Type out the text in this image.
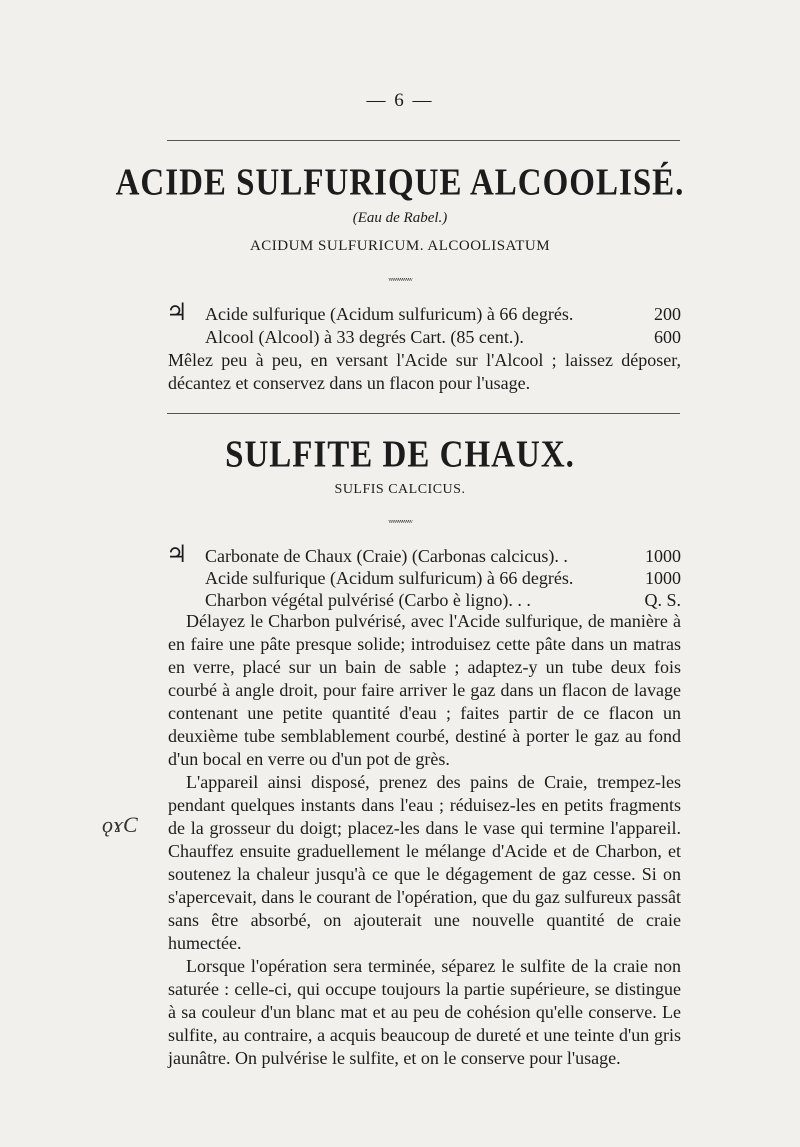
— 6 —
ACIDE SULFURIQUE ALCOOLISÉ.
(Eau de Rabel.)
ACIDUM SULFURICUM. ALCOOLISATUM
ᵥᵥᵥᵥᵥᵥᵥᵥᵥᵥᵥᵥ
♃ Acide sulfurique (Acidum sulfuricum) à 66 degrés.	200
Alcool (Alcool) à 33 degrés Cart. (85 cent.).	600

Mêlez peu à peu, en versant l'Acide sur l'Alcool ; laissez déposer, décantez et conservez dans un flacon pour l'usage.

SULFITE DE CHAUX.
SULFIS CALCICUS.
ᵥᵥᵥᵥᵥᵥᵥᵥᵥᵥᵥᵥ
♃ Carbonate de Chaux (Craie) (Carbonas calcicus). .	1000
Acide sulfurique (Acidum sulfuricum) à 66 degrés.	1000
Charbon végétal pulvérisé (Carbo è ligno). . .	Q. S.

Délayez le Charbon pulvérisé, avec l'Acide sulfurique, de manière à en faire une pâte presque solide; introduisez cette pâte dans un matras en verre, placé sur un bain de sable ; adaptez-y un tube deux fois courbé à angle droit, pour faire arriver le gaz dans un flacon de lavage contenant une petite quantité d'eau ; faites partir de ce flacon un deuxième tube semblablement courbé, destiné à porter le gaz au fond d'un bocal en verre ou d'un pot de grès.

L'appareil ainsi disposé, prenez des pains de Craie, trempez-les pendant quelques instants dans l'eau ; réduisez-les en petits fragments de la grosseur du doigt; placez-les dans le vase qui termine l'appareil. Chauffez ensuite graduellement le mélange d'Acide et de Charbon, et soutenez la chaleur jusqu'à ce que le dégagement de gaz cesse. Si on s'apercevait, dans le courant de l'opération, que du gaz sulfureux passât sans être absorbé, on ajouterait une nouvelle quantité de craie humectée.

Lorsque l'opération sera terminée, séparez le sulfite de la craie non saturée : celle-ci, qui occupe toujours la partie supérieure, se distingue à sa couleur d'un blanc mat et au peu de cohésion qu'elle conserve. Le sulfite, au contraire, a acquis beaucoup de dureté et une teinte d'un gris jaunâtre. On pulvérise le sulfite, et on le conserve pour l'usage.

ǫɤϹ
